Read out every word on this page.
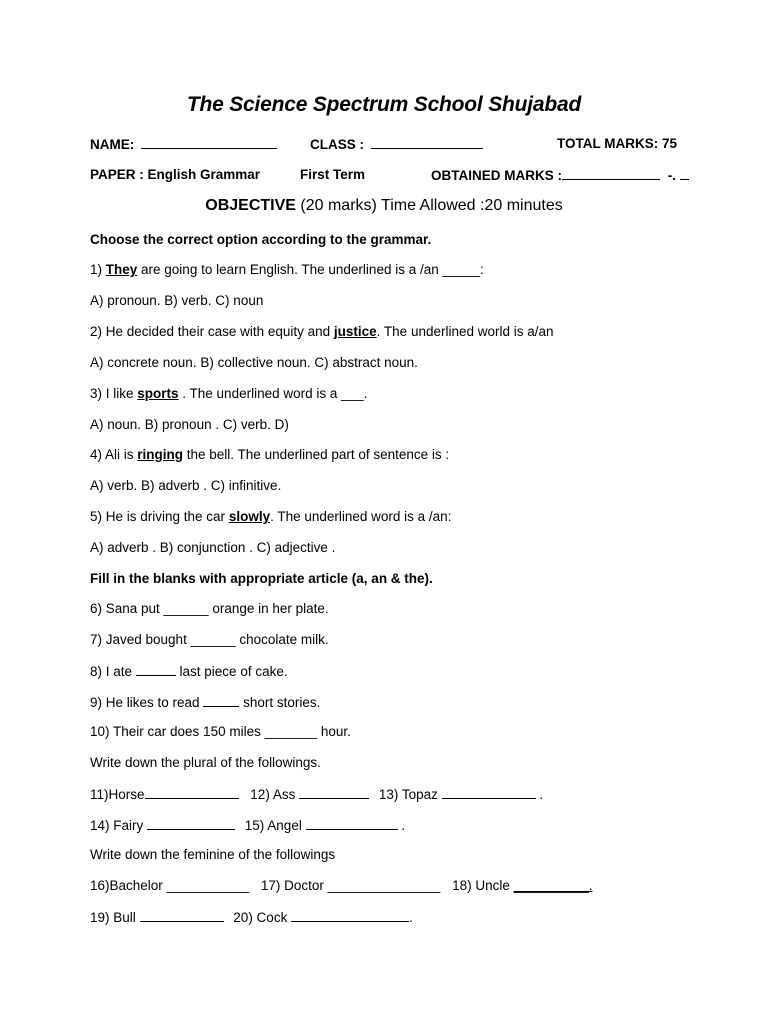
The Science Spectrum School Shujabad
NAME:	CLASS :	TOTAL MARKS: 75
PAPER : English Grammar	First Term	OBTAINED MARKS :	-.
OBJECTIVE (20 marks) Time Allowed :20 minutes
Choose the correct option according to the grammar.
1) They are going to learn English. The underlined is a /an _____:
A) pronoun. B) verb. C) noun
2) He decided their case with equity and justice. The underlined world is a/an
A) concrete noun. B) collective noun. C) abstract noun.
3) I like sports . The underlined word is a ___.
A) noun. B) pronoun . C) verb. D)
4) Ali is ringing the bell. The underlined part of sentence is :
A) verb. B) adverb . C) infinitive.
5) He is driving the car slowly. The underlined word is a /an:
A) adverb . B) conjunction . C) adjective .
Fill in the blanks with appropriate article (a, an & the).
6) Sana put ______ orange in her plate.
7) Javed bought ______ chocolate milk.
8) I ate	last piece of cake.
9) He likes to read	short stories.
10) Their car does 150 miles _______ hour.
Write down the plural of the followings.
11)Horse	12) Ass	13) Topaz	.
14) Fairy	15) Angel	.
Write down the feminine of the followings
16)Bachelor ___________ 17) Doctor _______________ 18) Uncle __________.
19) Bull	20) Cock	.
